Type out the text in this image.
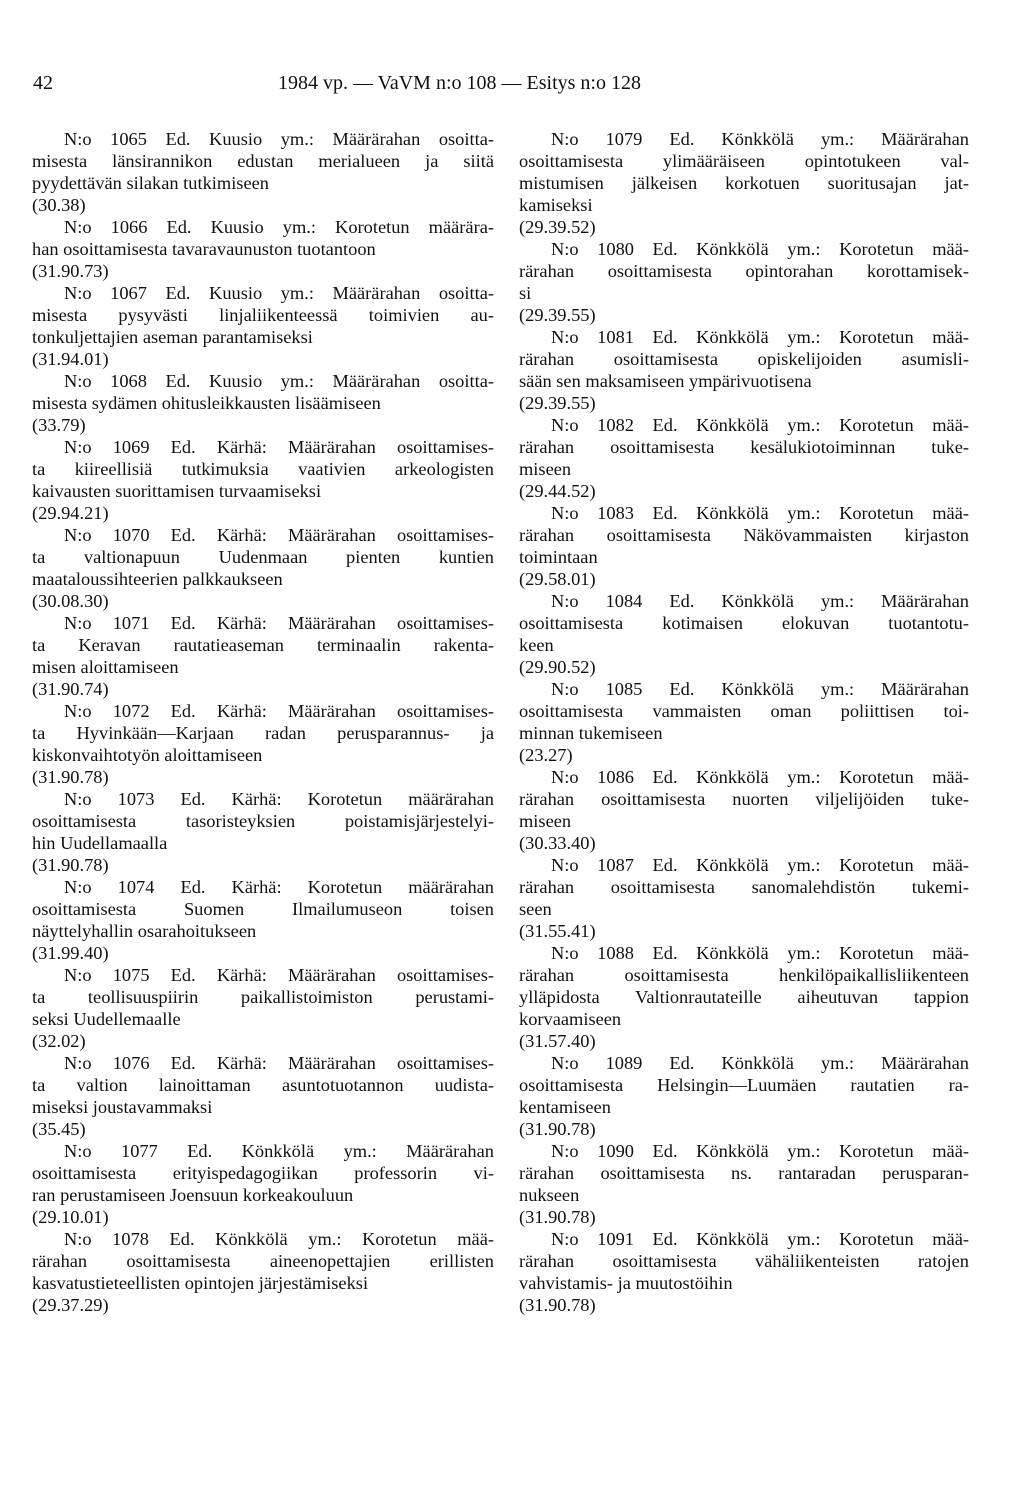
42	1984 vp. — VaVM n:o 108 — Esitys n:o 128
N:o 1065 Ed. Kuusio ym.: Määrärahan osoitta-
misesta länsirannikon edustan merialueen ja siitä
pyydettävän silakan tutkimiseen
(30.38)
N:o 1066 Ed. Kuusio ym.: Korotetun määrära-
han osoittamisesta tavaravaunuston tuotantoon
(31.90.73)
N:o 1067 Ed. Kuusio ym.: Määrärahan osoitta-
misesta pysyvästi linjaliikenteessä toimivien au-
tonkuljettajien aseman parantamiseksi
(31.94.01)
N:o 1068 Ed. Kuusio ym.: Määrärahan osoitta-
misesta sydämen ohitusleikkausten lisäämiseen
(33.79)
N:o 1069 Ed. Kärhä: Määrärahan osoittamises-
ta kiireellisiä tutkimuksia vaativien arkeologisten
kaivausten suorittamisen turvaamiseksi
(29.94.21)
N:o 1070 Ed. Kärhä: Määrärahan osoittamises-
ta valtionapuun Uudenmaan pienten kuntien
maataloussihteerien palkkaukseen
(30.08.30)
N:o 1071 Ed. Kärhä: Määrärahan osoittamises-
ta Keravan rautatieaseman terminaalin rakenta-
misen aloittamiseen
(31.90.74)
N:o 1072 Ed. Kärhä: Määrärahan osoittamises-
ta Hyvinkään—Karjaan radan perusparannus- ja
kiskonvaihtotyön aloittamiseen
(31.90.78)
N:o 1073 Ed. Kärhä: Korotetun määrärahan
osoittamisesta tasoristeyksien poistamisjärjestelyi-
hin Uudellamaalla
(31.90.78)
N:o 1074 Ed. Kärhä: Korotetun määrärahan
osoittamisesta Suomen Ilmailumuseon toisen
näyttelyhallin osarahoitukseen
(31.99.40)
N:o 1075 Ed. Kärhä: Määrärahan osoittamises-
ta teollisuuspiirin paikallistoimiston perustami-
seksi Uudellemaalle
(32.02)
N:o 1076 Ed. Kärhä: Määrärahan osoittamises-
ta valtion lainoittaman asuntotuotannon uudista-
miseksi joustavammaksi
(35.45)
N:o 1077 Ed. Könkkölä ym.: Määrärahan
osoittamisesta erityispedagogiikan professorin vi-
ran perustamiseen Joensuun korkeakouluun
(29.10.01)
N:o 1078 Ed. Könkkölä ym.: Korotetun mää-
rärahan osoittamisesta aineenopettajien erillisten
kasvatustieteellisten opintojen järjestämiseksi
(29.37.29)
N:o 1079 Ed. Könkkölä ym.: Määrärahan
osoittamisesta ylimääräiseen opintotukeen val-
mistumisen jälkeisen korkotuen suoritusajan jat-
kamiseksi
(29.39.52)
N:o 1080 Ed. Könkkölä ym.: Korotetun mää-
rärahan osoittamisesta opintorahan korottamisek-
si
(29.39.55)
N:o 1081 Ed. Könkkölä ym.: Korotetun mää-
rärahan osoittamisesta opiskelijoiden asumisli-
sään sen maksamiseen ympärivuotisena
(29.39.55)
N:o 1082 Ed. Könkkölä ym.: Korotetun mää-
rärahan osoittamisesta kesälukiotoiminnan tuke-
miseen
(29.44.52)
N:o 1083 Ed. Könkkölä ym.: Korotetun mää-
rärahan osoittamisesta Näkövammaisten kirjaston
toimintaan
(29.58.01)
N:o 1084 Ed. Könkkölä ym.: Määrärahan
osoittamisesta kotimaisen elokuvan tuotantotu-
keen
(29.90.52)
N:o 1085 Ed. Könkkölä ym.: Määrärahan
osoittamisesta vammaisten oman poliittisen toi-
minnan tukemiseen
(23.27)
N:o 1086 Ed. Könkkölä ym.: Korotetun mää-
rärahan osoittamisesta nuorten viljelijöiden tuke-
miseen
(30.33.40)
N:o 1087 Ed. Könkkölä ym.: Korotetun mää-
rärahan osoittamisesta sanomalehdistön tukemi-
seen
(31.55.41)
N:o 1088 Ed. Könkkölä ym.: Korotetun mää-
rärahan osoittamisesta henkilöpaikallisliikenteen
ylläpidosta Valtionrautateille aiheutuvan tappion
korvaamiseen
(31.57.40)
N:o 1089 Ed. Könkkölä ym.: Määrärahan
osoittamisesta Helsingin—Luumäen rautatien ra-
kentamiseen
(31.90.78)
N:o 1090 Ed. Könkkölä ym.: Korotetun mää-
rärahan osoittamisesta ns. rantaradan perusparan-
nukseen
(31.90.78)
N:o 1091 Ed. Könkkölä ym.: Korotetun mää-
rärahan osoittamisesta vähäliikenteisten ratojen
vahvistamis- ja muutostöihin
(31.90.78)
